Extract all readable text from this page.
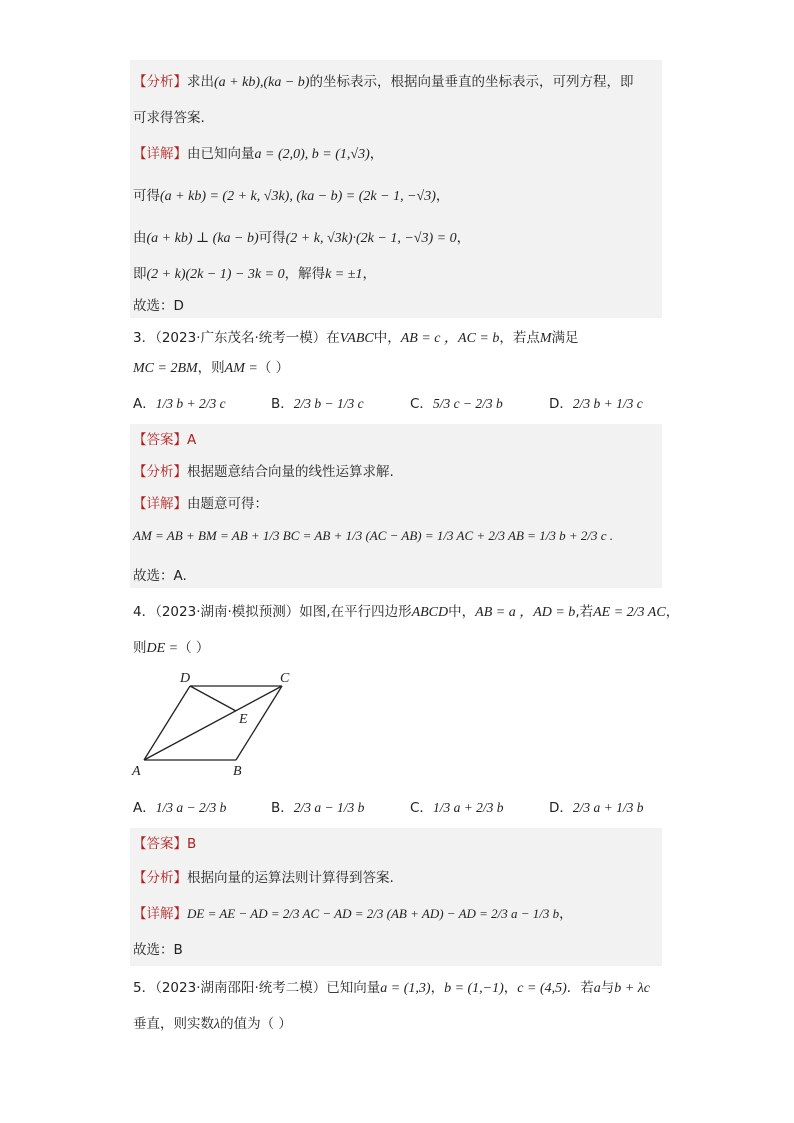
【分析】求出(a + kb),(ka − b)的坐标表示，根据向量垂直的坐标表示，可列方程，即
可求得答案.
【详解】由已知向量a = (2,0), b = (1,√3)，
可得(a + kb) = (2 + k, √3k), (ka − b) = (2k − 1, −√3)，
由(a + kb) ⊥ (ka − b)可得(2 + k, √3k)·(2k − 1, −√3) = 0，
即(2 + k)(2k − 1) − 3k = 0，解得k = ±1，
故选：D
3．（2023·广东茂名·统考一模）在VABC中，AB = c ，AC = b，若点M满足
MC = 2BM，则AM =（ ）
A．1/3 b + 2/3 c	B．2/3 b − 1/3 c	C．5/3 c − 2/3 b	D．2/3 b + 1/3 c
【答案】A
【分析】根据题意结合向量的线性运算求解.
【详解】由题意可得：
AM = AB + BM = AB + 1/3 BC = AB + 1/3 (AC − AB) = 1/3 AC + 2/3 AB = 1/3 b + 2/3 c .
故选：A.
4．（2023·湖南·模拟预测）如图,在平行四边形ABCD中，AB = a ，AD = b,若AE = 2/3 AC，
则DE =（ ）
D	C
E
A	B
A．1/3 a − 2/3 b	B．2/3 a − 1/3 b	C．1/3 a + 2/3 b	D．2/3 a + 1/3 b
【答案】B
【分析】根据向量的运算法则计算得到答案.
【详解】DE = AE − AD = 2/3 AC − AD = 2/3 (AB + AD) − AD = 2/3 a − 1/3 b，
故选：B
5．（2023·湖南邵阳·统考二模）已知向量a = (1,3)，b = (1,−1)，c = (4,5)．若a与b + λc
垂直，则实数λ的值为（ ）
